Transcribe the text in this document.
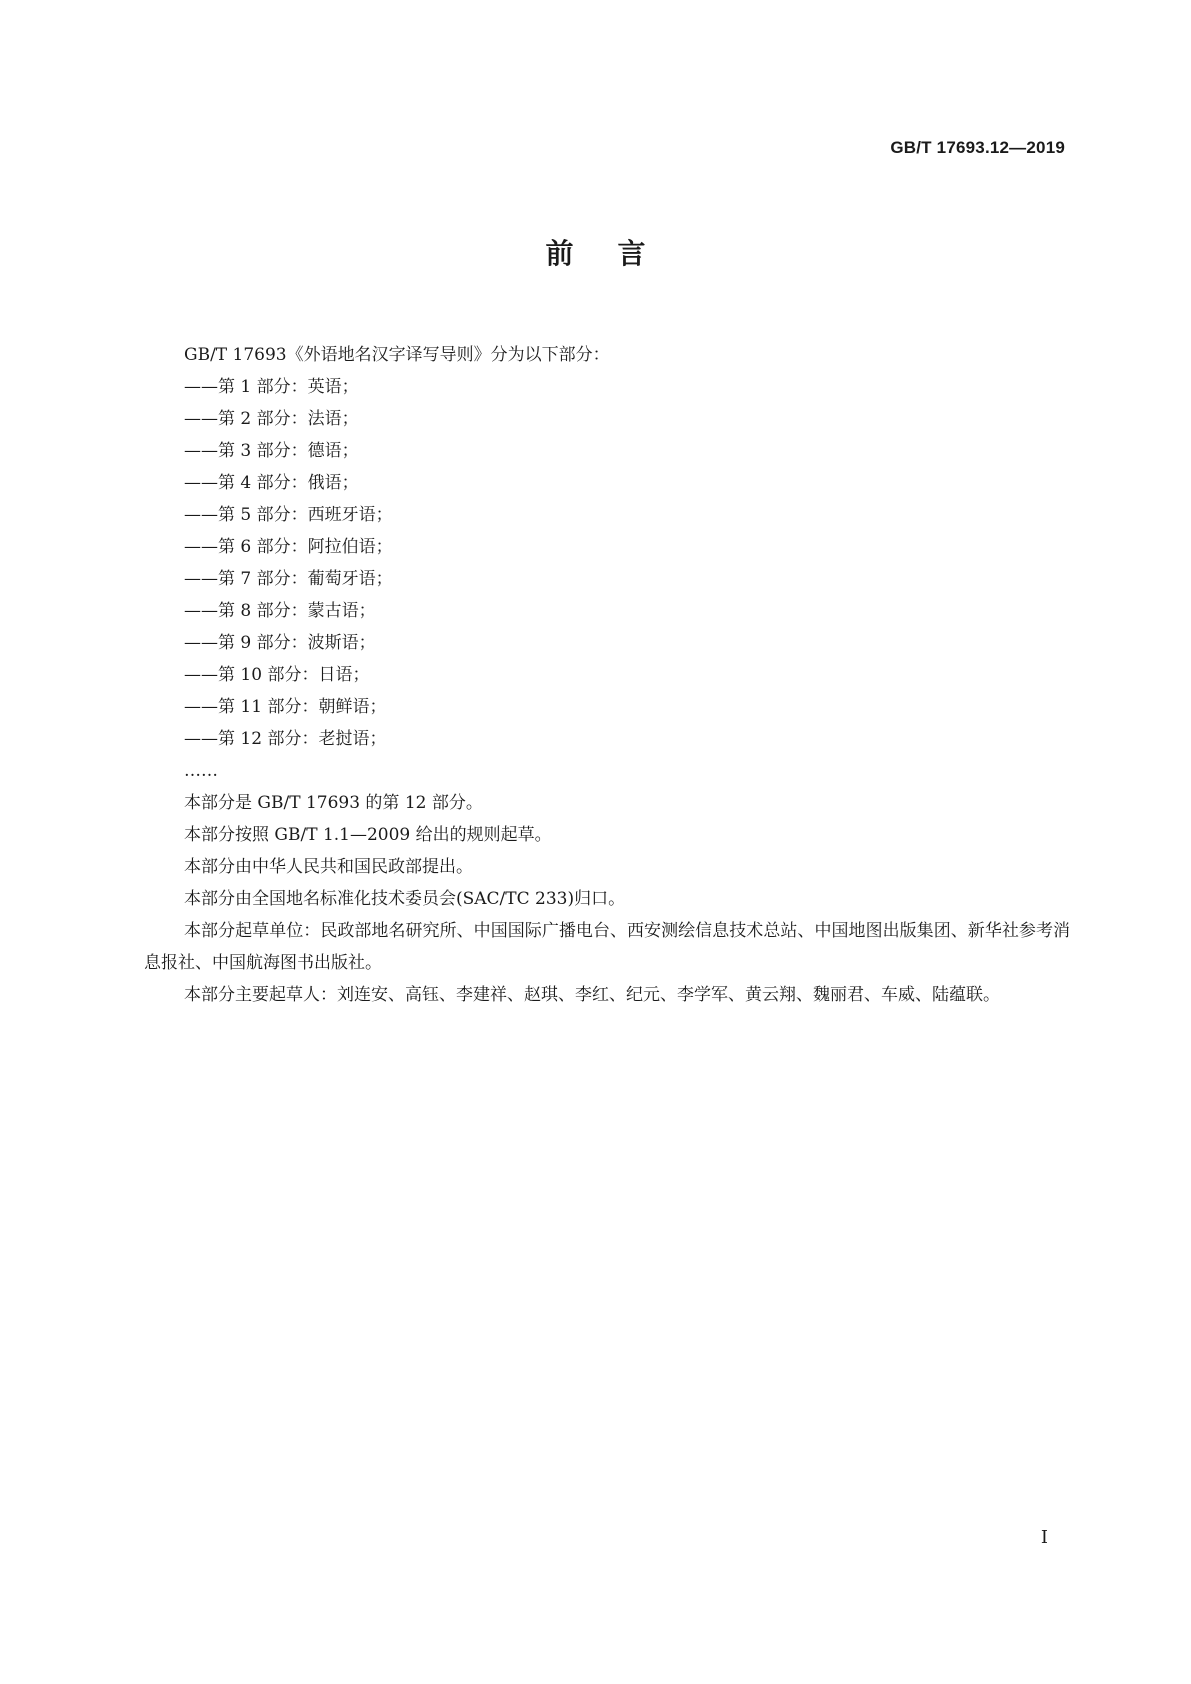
GB/T 17693.12—2019
前言

GB/T 17693《外语地名汉字译写导则》分为以下部分：

——第 1 部分：英语；

——第 2 部分：法语；

——第 3 部分：德语；

——第 4 部分：俄语；

——第 5 部分：西班牙语；

——第 6 部分：阿拉伯语；

——第 7 部分：葡萄牙语；

——第 8 部分：蒙古语；

——第 9 部分：波斯语；

——第 10 部分：日语；

——第 11 部分：朝鲜语；

——第 12 部分：老挝语；

……

本部分是 GB/T 17693 的第 12 部分。

本部分按照 GB/T 1.1—2009 给出的规则起草。

本部分由中华人民共和国民政部提出。

本部分由全国地名标准化技术委员会(SAC/TC 233)归口。

本部分起草单位：民政部地名研究所、中国国际广播电台、西安测绘信息技术总站、中国地图出版集团、新华社参考消息报社、中国航海图书出版社。

本部分主要起草人：刘连安、高钰、李建祥、赵琪、李红、纪元、李学军、黄云翔、魏丽君、车威、陆蕴联。

I
